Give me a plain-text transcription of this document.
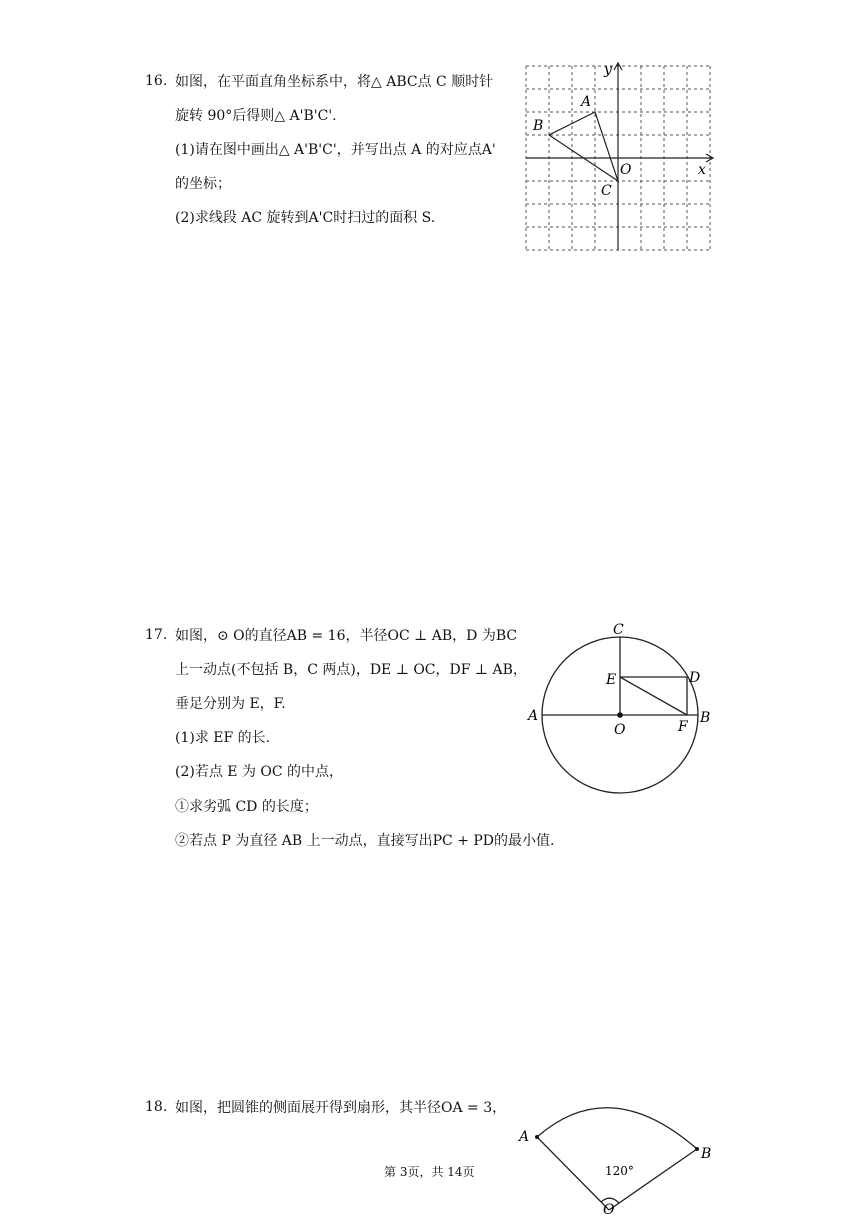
16. 如图，在平面直角坐标系中，将△ ABC点 C 顺时针
旋转 90°后得则△ A'B'C'.
(1)请在图中画出△ A'B'C'，并写出点 A 的对应点A'
的坐标；
(2)求线段 AC 旋转到A'C时扫过的面积 S.
y
x
A
B
C
O
17. 如图，⊙ O的直径AB = 16，半径OC ⊥ AB，D 为BC
上一动点(不包括 B，C 两点)，DE ⊥ OC，DF ⊥ AB，
垂足分别为 E，F.
(1)求 EF 的长.
(2)若点 E 为 OC 的中点，
①求劣弧 CD 的长度；
②若点 P 为直径 AB 上一动点，直接写出PC + PD的最小值.
C
D
E
A	B
O	F
18. 如图，把圆锥的侧面展开得到扇形，其半径OA = 3，
A
B
O
120°
第 3页，共 14页
